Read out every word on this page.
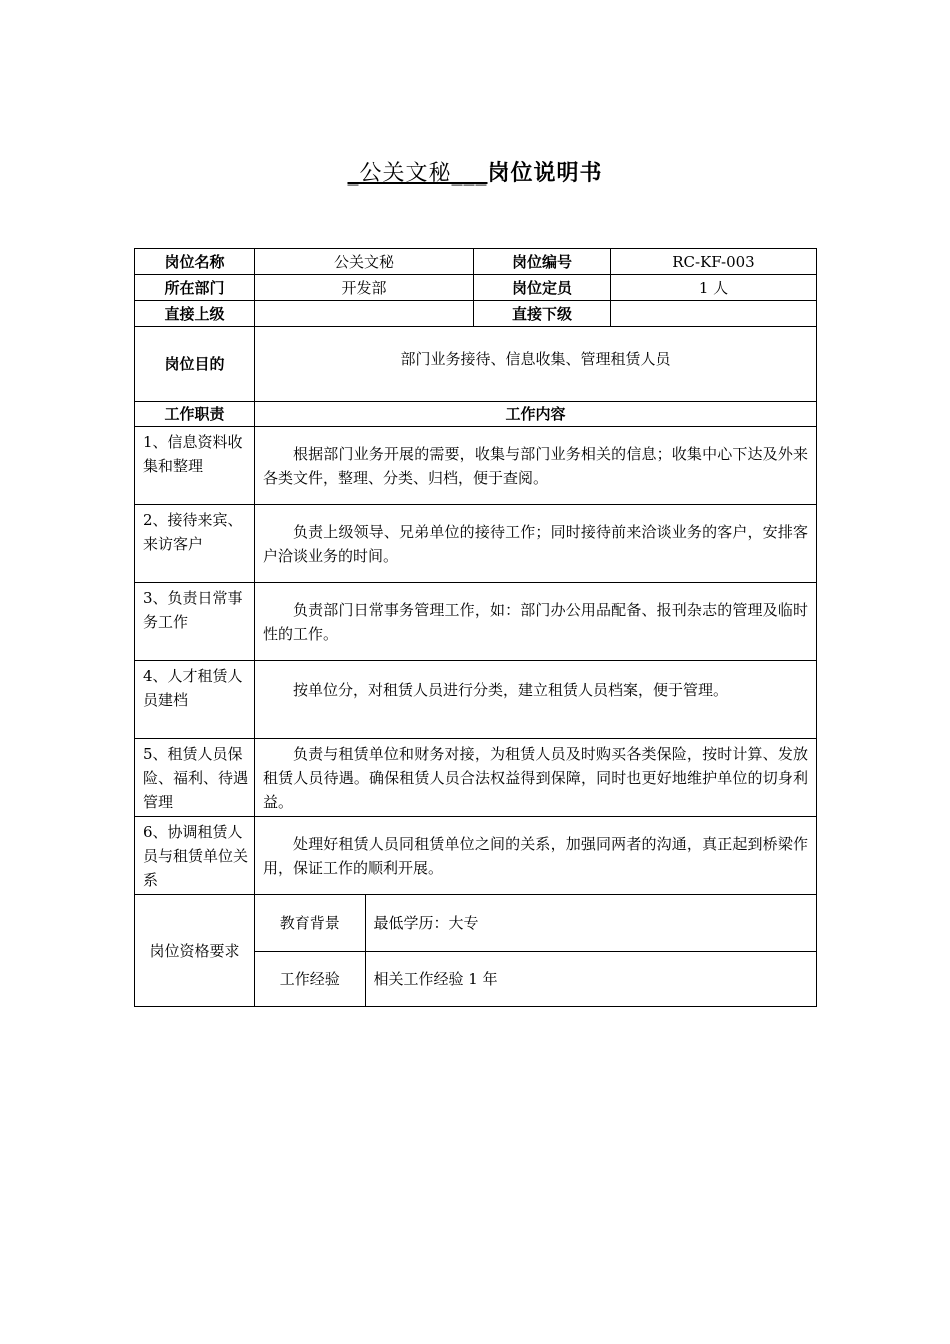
_公关文秘___岗位说明书
岗位名称	公关文秘	岗位编号	RC-KF-003
所在部门	开发部	岗位定员	1 人
直接上级		直接下级	
岗位目的	部门业务接待、信息收集、管理租赁人员
工作职责	工作内容
1、信息资料收集和整理	根据部门业务开展的需要，收集与部门业务相关的信息；收集中心下达及外来各类文件，整理、分类、归档，便于查阅。
2、接待来宾、来访客户	负责上级领导、兄弟单位的接待工作；同时接待前来洽谈业务的客户，安排客户洽谈业务的时间。
3、负责日常事务工作	负责部门日常事务管理工作，如：部门办公用品配备、报刊杂志的管理及临时性的工作。
4、人才租赁人员建档	按单位分，对租赁人员进行分类，建立租赁人员档案，便于管理。
5、租赁人员保险、福利、待遇管理	负责与租赁单位和财务对接，为租赁人员及时购买各类保险，按时计算、发放租赁人员待遇。确保租赁人员合法权益得到保障，同时也更好地维护单位的切身利益。
6、协调租赁人员与租赁单位关系	处理好租赁人员同租赁单位之间的关系，加强同两者的沟通，真正起到桥梁作用，保证工作的顺利开展。
岗位资格要求	
教育背景	最低学历：大专
工作经验	相关工作经验 1 年
